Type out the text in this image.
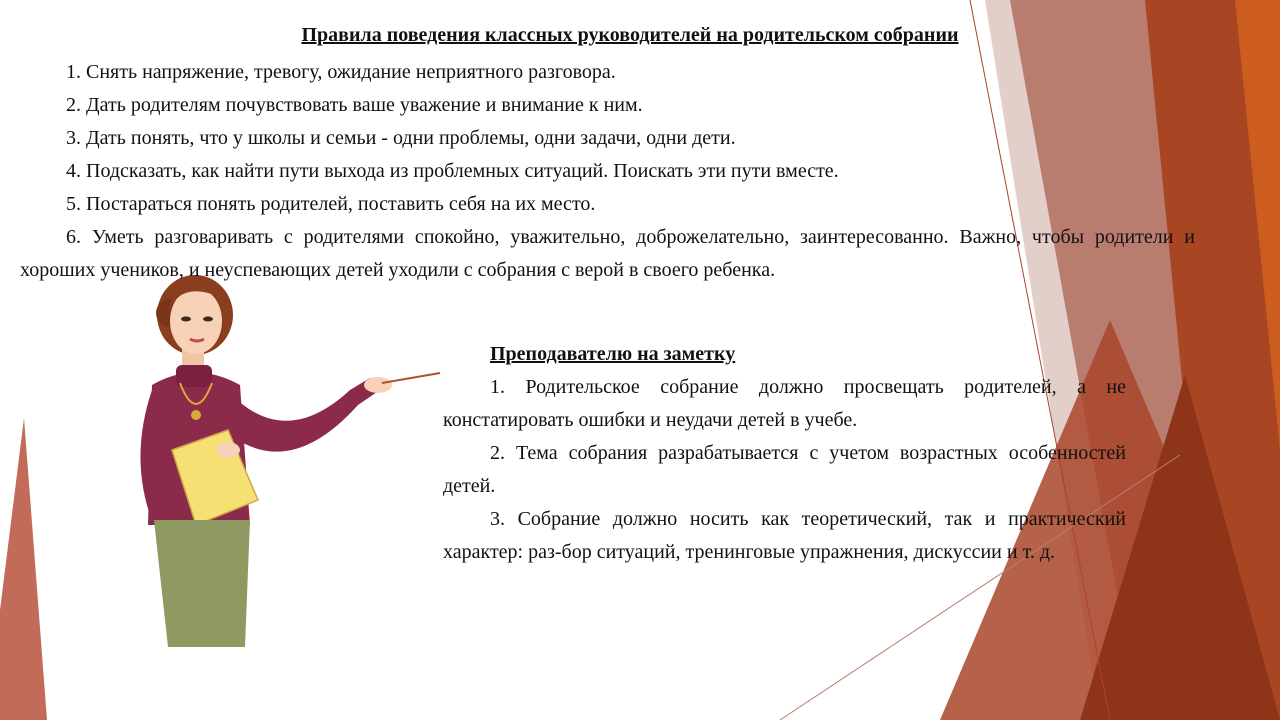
Правила поведения классных руководителей на родительском собрании
1. Снять напряжение, тревогу, ожидание неприятного разговора.
2. Дать родителям почувствовать ваше уважение и внимание к ним.
3. Дать понять, что у школы и семьи - одни проблемы, одни задачи, одни дети.
4. Подсказать, как найти пути выхода из проблемных ситуаций. Поискать эти пути вместе.
5. Постараться понять родителей, поставить себя на их место.
6. Уметь разговаривать с родителями спокойно, уважительно, доброжелательно, заинтересованно. Важно, чтобы родители и хороших учеников, и неуспевающих детей уходили с собрания с верой в своего ребенка.
Преподавателю на заметку
1. Родительское собрание должно просвещать родителей, а не констатировать ошибки и неудачи детей в учебе.
2. Тема собрания разрабатывается с учетом возрастных особенностей детей.
3. Собрание должно носить как теоретический, так и практический характер: раз-бор ситуаций, тренинговые упражнения, дискуссии и т. д.
